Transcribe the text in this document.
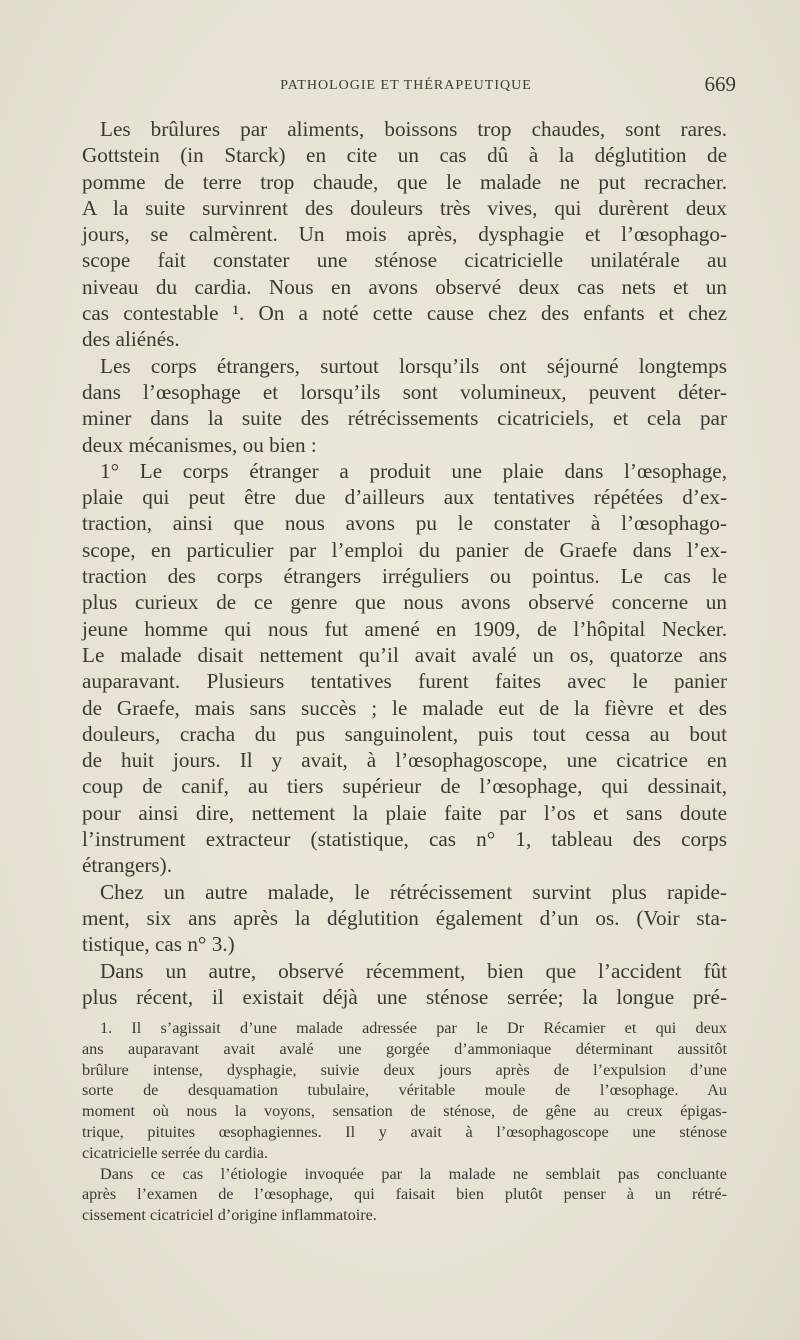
PATHOLOGIE ET THÉRAPEUTIQUE	669
Les brûlures par aliments, boissons trop chaudes, sont rares.
Gottstein (in Starck) en cite un cas dû à la déglutition de
pomme de terre trop chaude, que le malade ne put recracher.
A la suite survinrent des douleurs très vives, qui durèrent deux
jours, se calmèrent. Un mois après, dysphagie et l’œsophago-
scope fait constater une sténose cicatricielle unilatérale au
niveau du cardia. Nous en avons observé deux cas nets et un
cas contestable ¹. On a noté cette cause chez des enfants et chez
des aliénés.
Les corps étrangers, surtout lorsqu’ils ont séjourné longtemps
dans l’œsophage et lorsqu’ils sont volumineux, peuvent déter-
miner dans la suite des rétrécissements cicatriciels, et cela par
deux mécanismes, ou bien :
1° Le corps étranger a produit une plaie dans l’œsophage,
plaie qui peut être due d’ailleurs aux tentatives répétées d’ex-
traction, ainsi que nous avons pu le constater à l’œsophago-
scope, en particulier par l’emploi du panier de Graefe dans l’ex-
traction des corps étrangers irréguliers ou pointus. Le cas le
plus curieux de ce genre que nous avons observé concerne un
jeune homme qui nous fut amené en 1909, de l’hôpital Necker.
Le malade disait nettement qu’il avait avalé un os, quatorze ans
auparavant. Plusieurs tentatives furent faites avec le panier
de Graefe, mais sans succès ; le malade eut de la fièvre et des
douleurs, cracha du pus sanguinolent, puis tout cessa au bout
de huit jours. Il y avait, à l’œsophagoscope, une cicatrice en
coup de canif, au tiers supérieur de l’œsophage, qui dessinait,
pour ainsi dire, nettement la plaie faite par l’os et sans doute
l’instrument extracteur (statistique, cas n° 1, tableau des corps
étrangers).
Chez un autre malade, le rétrécissement survint plus rapide-
ment, six ans après la déglutition également d’un os. (Voir sta-
tistique, cas n° 3.)
Dans un autre, observé récemment, bien que l’accident fût
plus récent, il existait déjà une sténose serrée; la longue pré-
1. Il s’agissait d’une malade adressée par le Dr Récamier et qui deux
ans auparavant avait avalé une gorgée d’ammoniaque déterminant aussitôt
brûlure intense, dysphagie, suivie deux jours après de l’expulsion d’une
sorte de desquamation tubulaire, véritable moule de l’œsophage. Au
moment où nous la voyons, sensation de sténose, de gêne au creux épigas-
trique, pituites œsophagiennes. Il y avait à l’œsophagoscope une sténose
cicatricielle serrée du cardia.
Dans ce cas l’étiologie invoquée par la malade ne semblait pas concluante
après l’examen de l’œsophage, qui faisait bien plutôt penser à un rétré-
cissement cicatriciel d’origine inflammatoire.
